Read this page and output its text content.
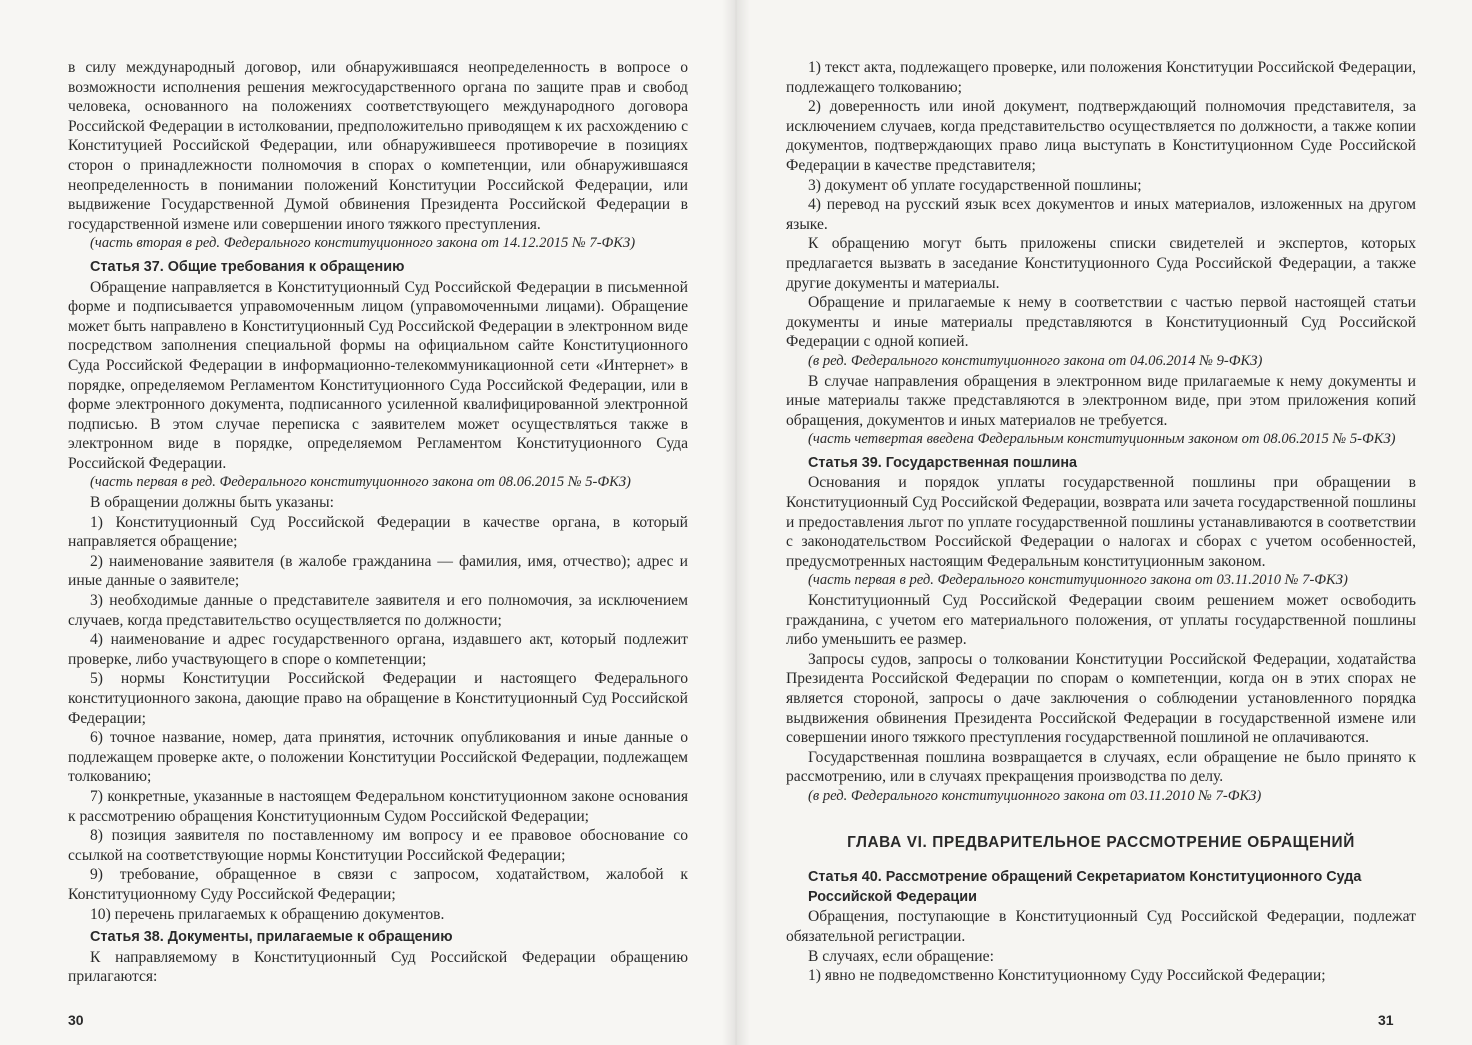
в силу международный договор, или обнаружившаяся неопределенность в вопросе о возможности исполнения решения межгосударственного органа по защите прав и свобод человека, основанного на положениях соответствующего международного договора Российской Федерации в истолковании, предположительно приводящем к их расхождению с Конституцией Российской Федерации, или обнаружившееся противоречие в позициях сторон о принадлежности полномочия в спорах о компетенции, или обнаружившаяся неопределенность в понимании положений Конституции Российской Федерации, или выдвижение Государственной Думой обвинения Президента Российской Федерации в государственной измене или совершении иного тяжкого преступления.

(часть вторая в ред. Федерального конституционного закона от 14.12.2015 № 7-ФКЗ)

Статья 37. Общие требования к обращению

Обращение направляется в Конституционный Суд Российской Федерации в письменной форме и подписывается управомоченным лицом (управомоченными лицами). Обращение может быть направлено в Конституционный Суд Российской Федерации в электронном виде посредством заполнения специальной формы на официальном сайте Конституционного Суда Российской Федерации в информационно-телекоммуникационной сети «Интернет» в порядке, определяемом Регламентом Конституционного Суда Российской Федерации, или в форме электронного документа, подписанного усиленной квалифицированной электронной подписью. В этом случае переписка с заявителем может осуществляться также в электронном виде в порядке, определяемом Регламентом Конституционного Суда Российской Федерации.

(часть первая в ред. Федерального конституционного закона от 08.06.2015 № 5-ФКЗ)

В обращении должны быть указаны:

1) Конституционный Суд Российской Федерации в качестве органа, в который направляется обращение;

2) наименование заявителя (в жалобе гражданина — фамилия, имя, отчество); адрес и иные данные о заявителе;

3) необходимые данные о представителе заявителя и его полномочия, за исключением случаев, когда представительство осуществляется по должности;

4) наименование и адрес государственного органа, издавшего акт, который подлежит проверке, либо участвующего в споре о компетенции;

5) нормы Конституции Российской Федерации и настоящего Федерального конституционного закона, дающие право на обращение в Конституционный Суд Российской Федерации;

6) точное название, номер, дата принятия, источник опубликования и иные данные о подлежащем проверке акте, о положении Конституции Российской Федерации, подлежащем толкованию;

7) конкретные, указанные в настоящем Федеральном конституционном законе основания к рассмотрению обращения Конституционным Судом Российской Федерации;

8) позиция заявителя по поставленному им вопросу и ее правовое обоснование со ссылкой на соответствующие нормы Конституции Российской Федерации;

9) требование, обращенное в связи с запросом, ходатайством, жалобой к Конституционному Суду Российской Федерации;

10) перечень прилагаемых к обращению документов.

Статья 38. Документы, прилагаемые к обращению

К направляемому в Конституционный Суд Российской Федерации обращению прилагаются:

30

1) текст акта, подлежащего проверке, или положения Конституции Российской Федерации, подлежащего толкованию;

2) доверенность или иной документ, подтверждающий полномочия представителя, за исключением случаев, когда представительство осуществляется по должности, а также копии документов, подтверждающих право лица выступать в Конституционном Суде Российской Федерации в качестве представителя;

3) документ об уплате государственной пошлины;

4) перевод на русский язык всех документов и иных материалов, изложенных на другом языке.

К обращению могут быть приложены списки свидетелей и экспертов, которых предлагается вызвать в заседание Конституционного Суда Российской Федерации, а также другие документы и материалы.

Обращение и прилагаемые к нему в соответствии с частью первой настоящей статьи документы и иные материалы представляются в Конституционный Суд Российской Федерации с одной копией.

(в ред. Федерального конституционного закона от 04.06.2014 № 9-ФКЗ)

В случае направления обращения в электронном виде прилагаемые к нему документы и иные материалы также представляются в электронном виде, при этом приложения копий обращения, документов и иных материалов не требуется.

(часть четвертая введена Федеральным конституционным законом от 08.06.2015 № 5-ФКЗ)

Статья 39. Государственная пошлина

Основания и порядок уплаты государственной пошлины при обращении в Конституционный Суд Российской Федерации, возврата или зачета государственной пошлины и предоставления льгот по уплате государственной пошлины устанавливаются в соответствии с законодательством Российской Федерации о налогах и сборах с учетом особенностей, предусмотренных настоящим Федеральным конституционным законом.

(часть первая в ред. Федерального конституционного закона от 03.11.2010 № 7-ФКЗ)

Конституционный Суд Российской Федерации своим решением может освободить гражданина, с учетом его материального положения, от уплаты государственной пошлины либо уменьшить ее размер.

Запросы судов, запросы о толковании Конституции Российской Федерации, ходатайства Президента Российской Федерации по спорам о компетенции, когда он в этих спорах не является стороной, запросы о даче заключения о соблюдении установленного порядка выдвижения обвинения Президента Российской Федерации в государственной измене или совершении иного тяжкого преступления государственной пошлиной не оплачиваются.

Государственная пошлина возвращается в случаях, если обращение не было принято к рассмотрению, или в случаях прекращения производства по делу.

(в ред. Федерального конституционного закона от 03.11.2010 № 7-ФКЗ)

ГЛАВА VI. ПРЕДВАРИТЕЛЬНОЕ РАССМОТРЕНИЕ ОБРАЩЕНИЙ
Статья 40. Рассмотрение обращений Секретариатом Конституционного Суда Российской Федерации

Обращения, поступающие в Конституционный Суд Российской Федерации, подлежат обязательной регистрации.

В случаях, если обращение:

1) явно не подведомственно Конституционному Суду Российской Федерации;

31
